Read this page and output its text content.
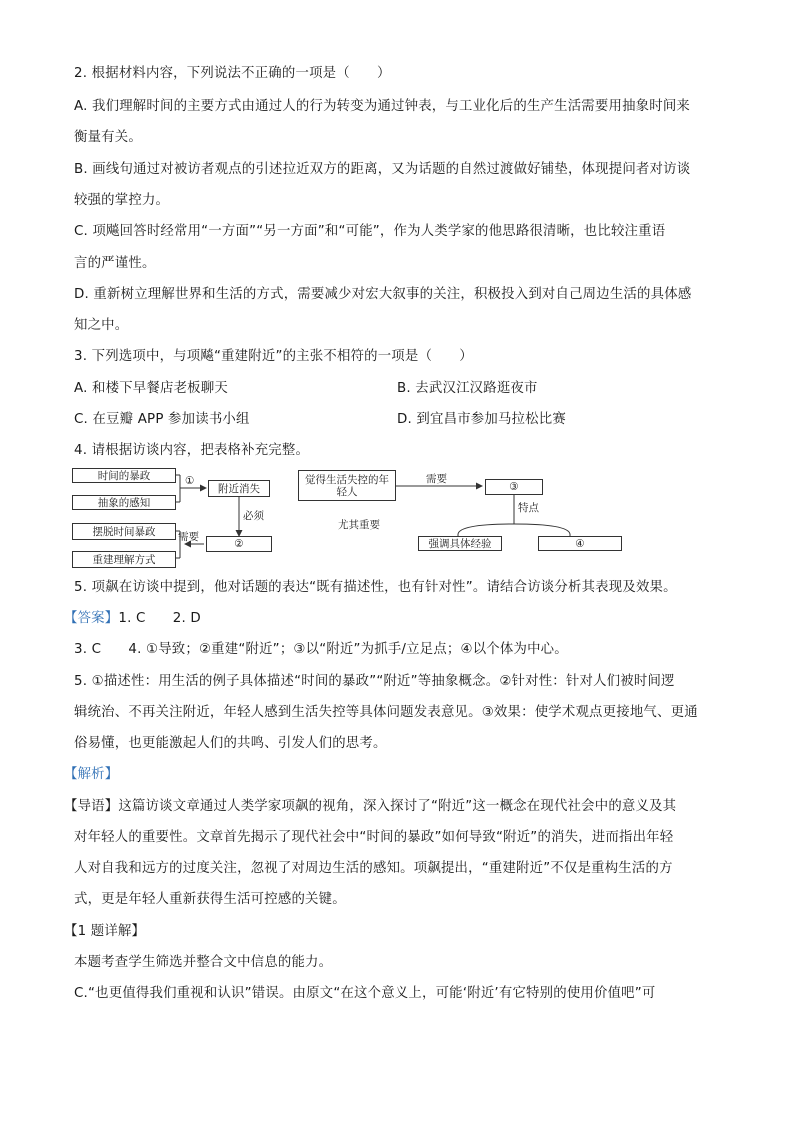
2. 根据材料内容，下列说法不正确的一项是（　　）
A. 我们理解时间的主要方式由通过人的行为转变为通过钟表，与工业化后的生产生活需要用抽象时间来
衡量有关。
B. 画线句通过对被访者观点的引述拉近双方的距离，又为话题的自然过渡做好铺垫，体现提问者对访谈
较强的掌控力。
C. 项飚回答时经常用“一方面”“另一方面”和“可能”，作为人类学家的他思路很清晰，也比较注重语
言的严谨性。
D. 重新树立理解世界和生活的方式，需要减少对宏大叙事的关注，积极投入到对自己周边生活的具体感
知之中。
3. 下列选项中，与项飚“重建附近”的主张不相符的一项是（　　）
A. 和楼下早餐店老板聊天	B. 去武汉江汉路逛夜市
C. 在豆瓣 APP 参加读书小组	D. 到宜昌市参加马拉松比赛
4. 请根据访谈内容，把表格补充完整。
时间的暴政
抽象的感知
①
附近消失
必须
②
需要
摆脱时间暴政
重建理解方式
觉得生活失控的年轻人
需要
③
特点
尤其重要
强调具体经验	④
5. 项飙在访谈中提到，他对话题的表达“既有描述性，也有针对性”。请结合访谈分析其表现及效果。
【答案】1. C　　2. D
3. C　　4. ①导致；②重建“附近”；③以“附近”为抓手/立足点；④以个体为中心。
5. ①描述性：用生活的例子具体描述“时间的暴政”“附近”等抽象概念。②针对性：针对人们被时间逻
辑统治、不再关注附近，年轻人感到生活失控等具体问题发表意见。③效果：使学术观点更接地气、更通
俗易懂，也更能激起人们的共鸣、引发人们的思考。
【解析】
【导语】这篇访谈文章通过人类学家项飙的视角，深入探讨了“附近”这一概念在现代社会中的意义及其
对年轻人的重要性。文章首先揭示了现代社会中“时间的暴政”如何导致“附近”的消失，进而指出年轻
人对自我和远方的过度关注，忽视了对周边生活的感知。项飙提出，“重建附近”不仅是重构生活的方
式，更是年轻人重新获得生活可控感的关键。
【1 题详解】
本题考查学生筛选并整合文中信息的能力。
C.“也更值得我们重视和认识”错误。由原文“在这个意义上，可能‘附近’有它特别的使用价值吧”可
